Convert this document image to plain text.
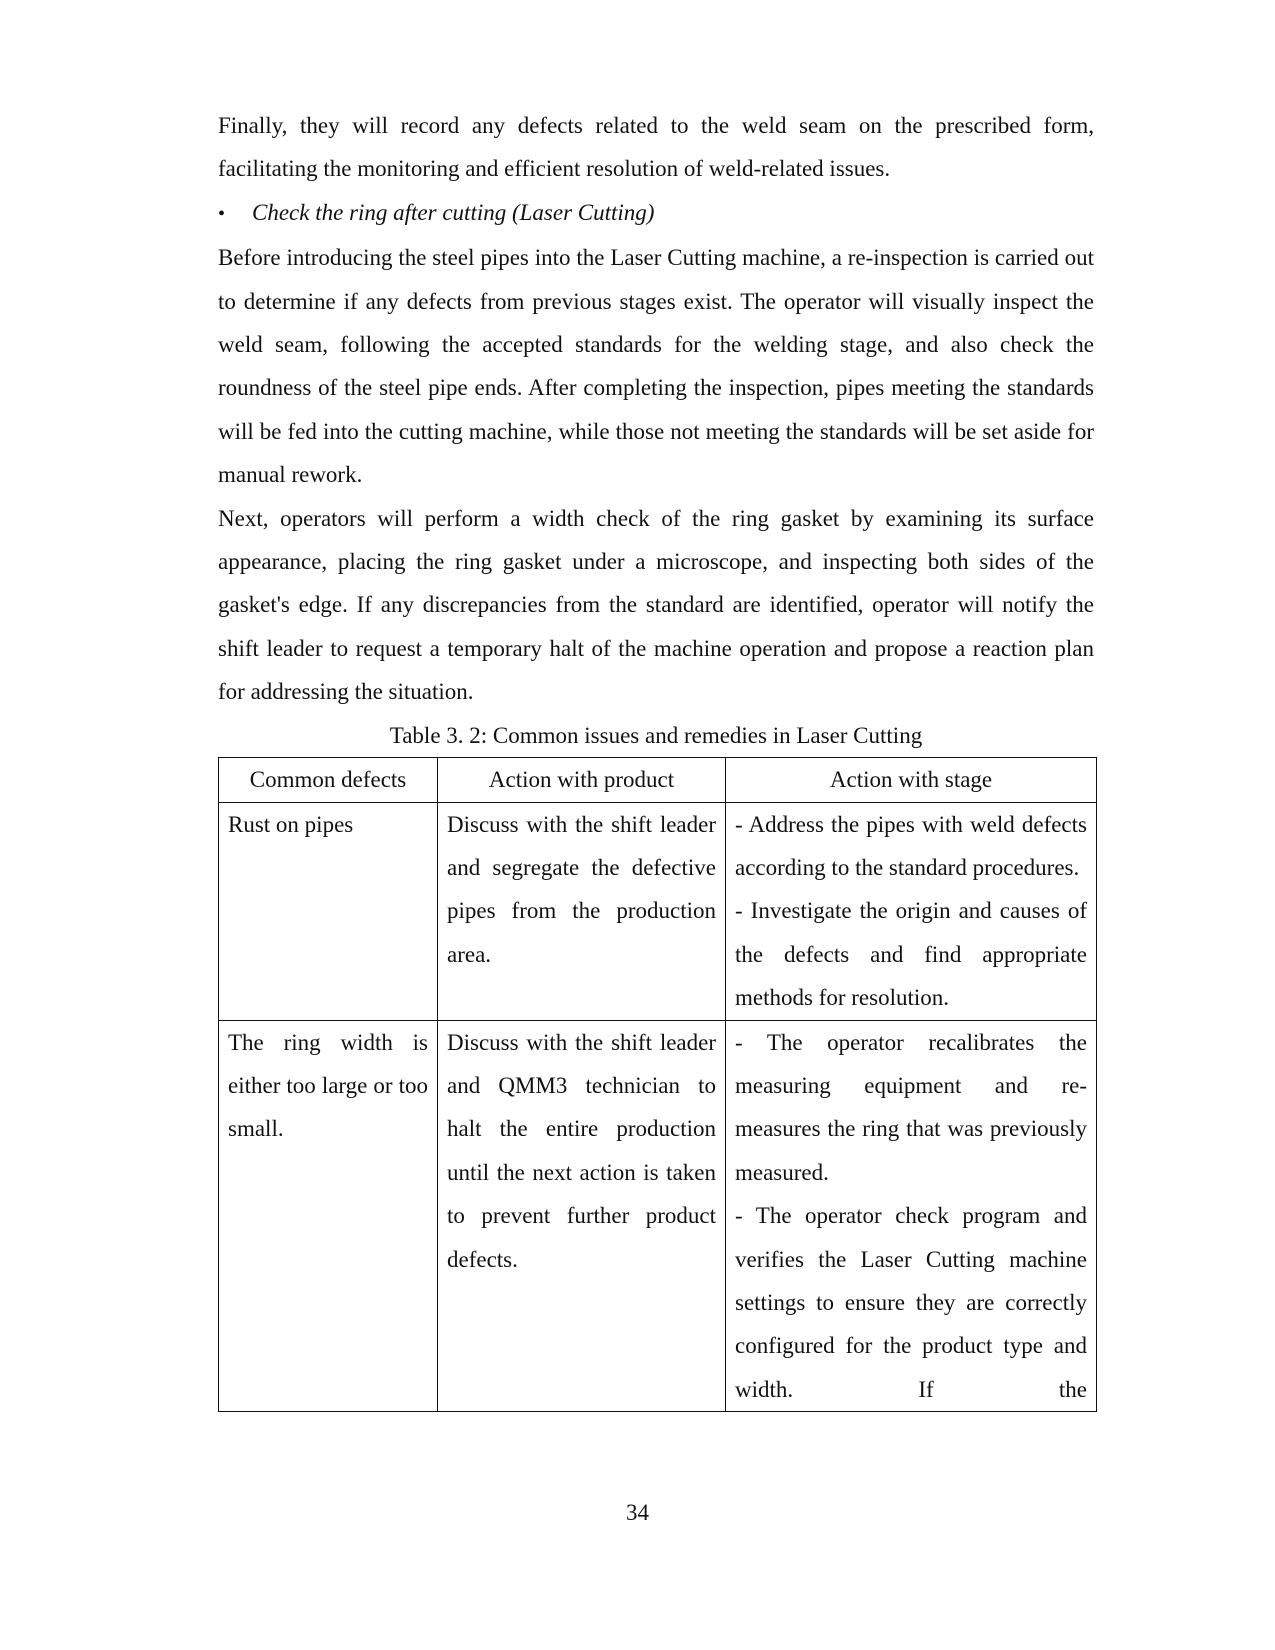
Finally, they will record any defects related to the weld seam on the prescribed form, facilitating the monitoring and efficient resolution of weld-related issues.

•	Check the ring after cutting (Laser Cutting)

Before introducing the steel pipes into the Laser Cutting machine, a re-inspection is carried out to determine if any defects from previous stages exist. The operator will visually inspect the weld seam, following the accepted standards for the welding stage, and also check the roundness of the steel pipe ends. After completing the inspection, pipes meeting the standards will be fed into the cutting machine, while those not meeting the standards will be set aside for manual rework.

Next, operators will perform a width check of the ring gasket by examining its surface appearance, placing the ring gasket under a microscope, and inspecting both sides of the gasket's edge. If any discrepancies from the standard are identified, operator will notify the shift leader to request a temporary halt of the machine operation and propose a reaction plan for addressing the situation.

Table 3. 2: Common issues and remedies in Laser Cutting

Common defects	Action with product	Action with stage
Rust on pipes	Discuss with the shift leader and segregate the defective pipes from the production area.	- Address the pipes with weld defects according to the standard procedures.
- Investigate the origin and causes of the defects and find appropriate methods for resolution.

The ring width is either too large or too small.	Discuss with the shift leader and QMM3 technician to halt the entire production until the next action is taken to prevent further product defects.	- The operator recalibrates the measuring equipment and re-measures the ring that was previously measured.
- The operator check program and verifies the Laser Cutting machine settings to ensure they are correctly configured for the product type and width. If the
34
